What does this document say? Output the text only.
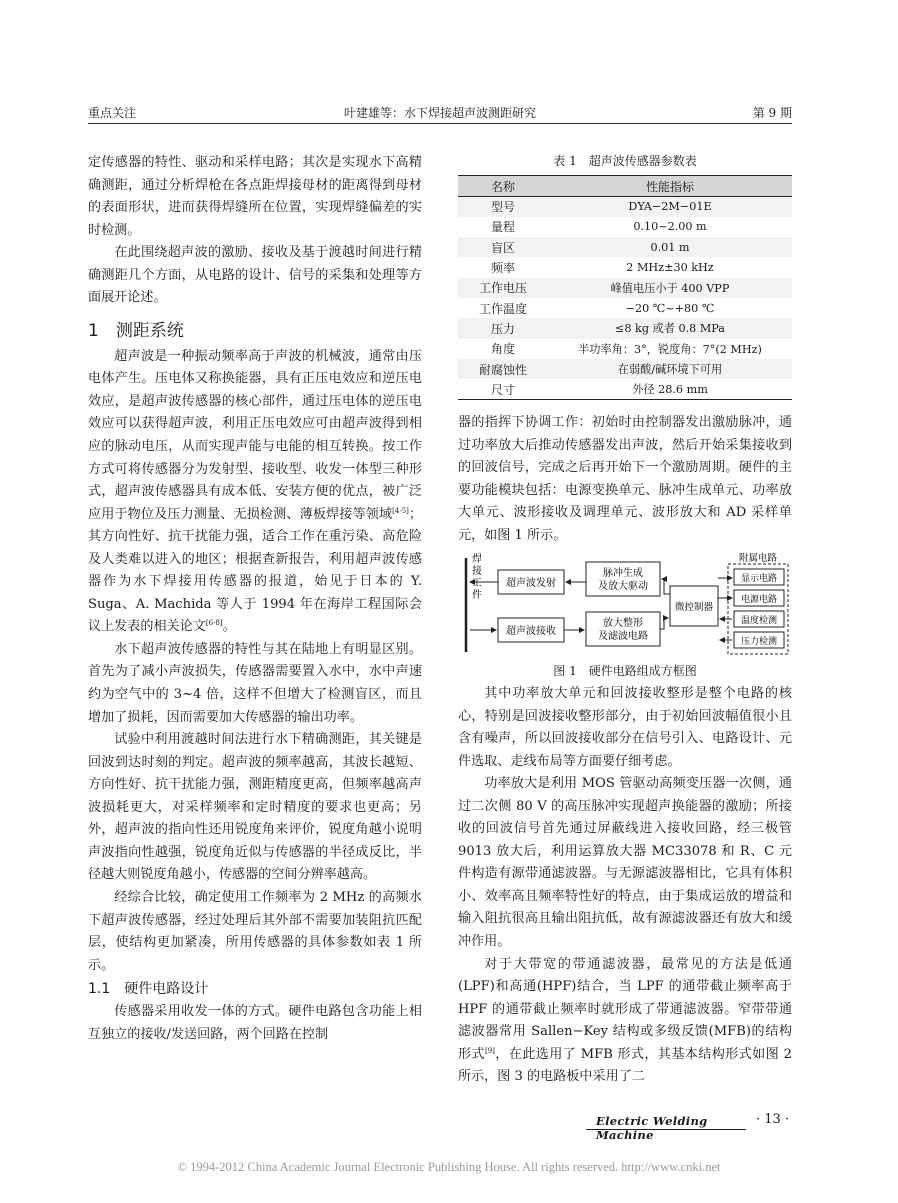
重点关注	叶建雄等：水下焊接超声波测距研究	第 9 期

定传感器的特性、驱动和采样电路；其次是实现水下高精确测距，通过分析焊枪在各点距焊接母材的距离得到母材的表面形状，进而获得焊缝所在位置，实现焊缝偏差的实时检测。

在此围绕超声波的激励、接收及基于渡越时间进行精确测距几个方面，从电路的设计、信号的采集和处理等方面展开论述。

1　测距系统

超声波是一种振动频率高于声波的机械波，通常由压电体产生。压电体又称换能器，具有正压电效应和逆压电效应，是超声波传感器的核心部件，通过压电体的逆压电效应可以获得超声波，利用正压电效应可由超声波得到相应的脉动电压，从而实现声能与电能的相互转换。按工作方式可将传感器分为发射型、接收型、收发一体型三种形式，超声波传感器具有成本低、安装方便的优点，被广泛应用于物位及压力测量、无损检测、薄板焊接等领域[4-5]；其方向性好、抗干扰能力强，适合工作在重污染、高危险及人类难以进入的地区；根据查新报告，利用超声波传感器作为水下焊接用传感器的报道，始见于日本的 Y. Suga、A. Machida 等人于 1994 年在海岸工程国际会议上发表的相关论文[6-8]。

水下超声波传感器的特性与其在陆地上有明显区别。首先为了减小声波损失，传感器需要置入水中，水中声速约为空气中的 3~4 倍，这样不但增大了检测盲区，而且增加了损耗，因而需要加大传感器的输出功率。

试验中利用渡越时间法进行水下精确测距，其关键是回波到达时刻的判定。超声波的频率越高，其波长越短、方向性好、抗干扰能力强，测距精度更高，但频率越高声波损耗更大，对采样频率和定时精度的要求也更高；另外，超声波的指向性还用锐度角来评价，锐度角越小说明声波指向性越强，锐度角近似与传感器的半径成反比，半径越大则锐度角越小，传感器的空间分辨率越高。

经综合比较，确定使用工作频率为 2 MHz 的高频水下超声波传感器，经过处理后其外部不需要加装阻抗匹配层，使结构更加紧凑，所用传感器的具体参数如表 1 所示。

1.1　硬件电路设计

传感器采用收发一体的方式。硬件电路包含功能上相互独立的接收/发送回路，两个回路在控制

表 1　超声波传感器参数表
名称	性能指标
型号	DYA−2M−01E
量程	0.10~2.00 m
盲区	0.01 m
频率	2 MHz±30 kHz
工作电压	峰值电压小于 400 VPP
工作温度	−20 ℃~+80 ℃
压力	≤8 kg 或者 0.8 MPa
角度	半功率角：3°，锐度角：7°(2 MHz)
耐腐蚀性	在弱酸/碱环境下可用
尺寸	外径 28.6 mm

器的指挥下协调工作：初始时由控制器发出激励脉冲，通过功率放大后推动传感器发出声波，然后开始采集接收到的回波信号，完成之后再开始下一个激励周期。硬件的主要功能模块包括：电源变换单元、脉冲生成单元、功率放大单元、波形接收及调理单元、波形放大和 AD 采样单元，如图 1 所示。

焊
接
工
件
超声波发射
脉冲生成
及放大驱动
超声波接收
放大整形
及滤波电路
微控制器
附属电路
显示电路
电源电路
温度检测
压力检测
图 1　硬件电路组成方框图

其中功率放大单元和回波接收整形是整个电路的核心，特别是回波接收整形部分，由于初始回波幅值很小且含有噪声，所以回波接收部分在信号引入、电路设计、元件选取、走线布局等方面要仔细考虑。

功率放大是利用 MOS 管驱动高频变压器一次侧，通过二次侧 80 V 的高压脉冲实现超声换能器的激励；所接收的回波信号首先通过屏蔽线进入接收回路，经三极管 9013 放大后，利用运算放大器 MC33078 和 R、C 元件构造有源带通滤波器。与无源滤波器相比，它具有体积小、效率高且频率特性好的特点，由于集成运放的增益和输入阻抗很高且输出阻抗低，故有源滤波器还有放大和缓冲作用。

对于大带宽的带通滤波器，最常见的方法是低通(LPF)和高通(HPF)结合，当 LPF 的通带截止频率高于 HPF 的通带截止频率时就形成了带通滤波器。窄带带通滤波器常用 Sallen−Key 结构或多级反馈(MFB)的结构形式[9]，在此选用了 MFB 形式，其基本结构形式如图 2 所示，图 3 的电路板中采用了二

Electric Welding Machine
· 13 ·
© 1994-2012 China Academic Journal Electronic Publishing House. All rights reserved. http://www.cnki.net
